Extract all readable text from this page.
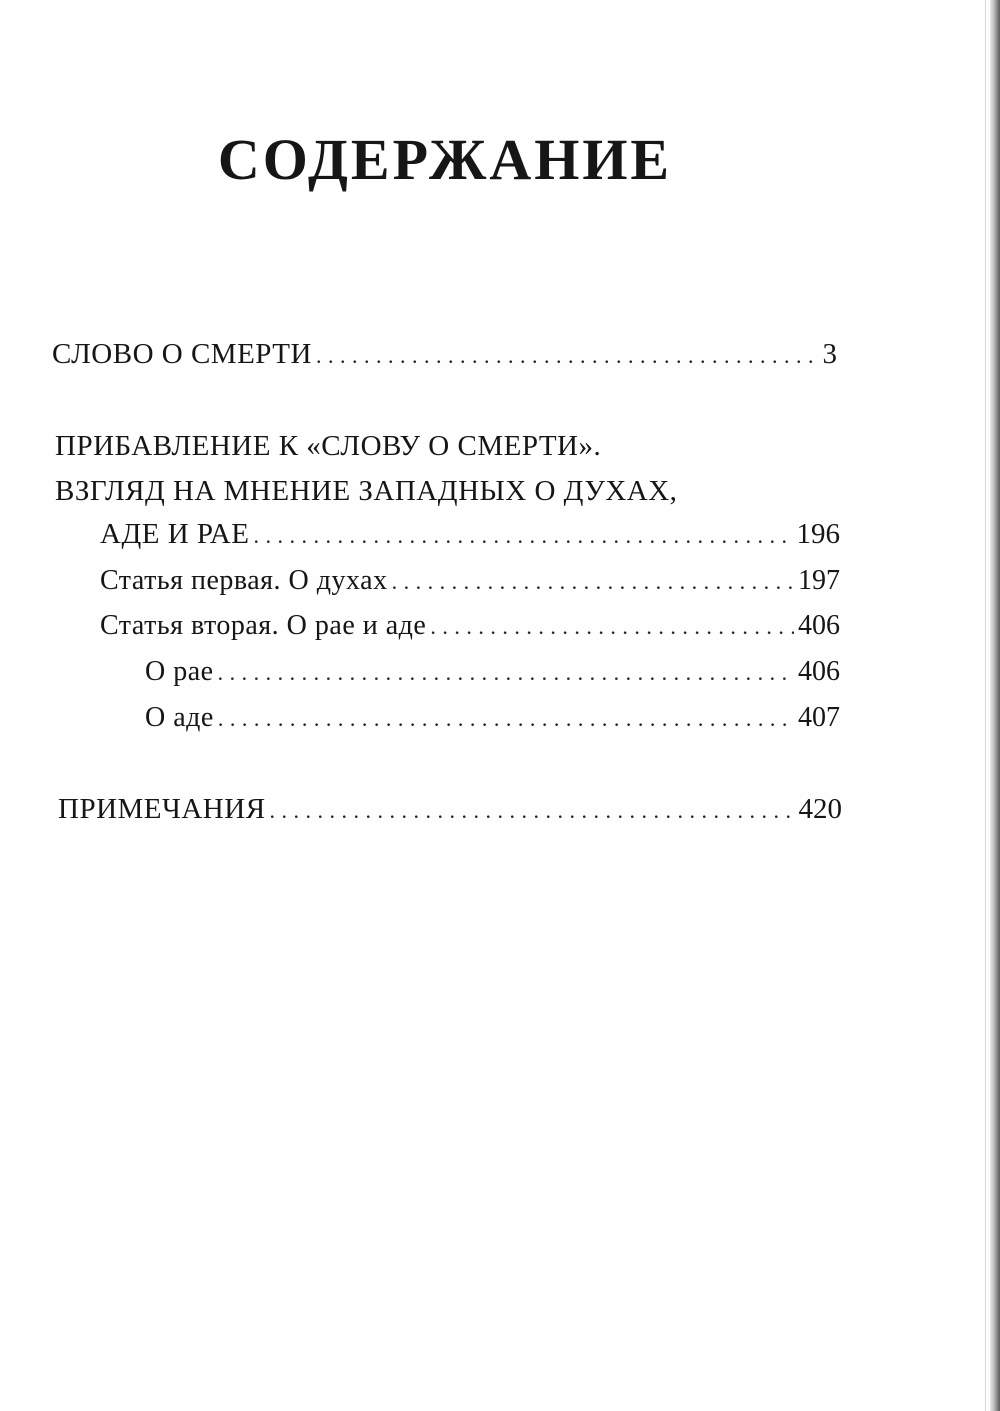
СОДЕРЖАНИЕ
СЛОВО О СМЕРТИ . . .	3
ПРИБАВЛЕНИЕ К «СЛОВУ О СМЕРТИ».
ВЗГЛЯД НА МНЕНИЕ ЗАПАДНЫХ О ДУХАХ,
АДЕ И РАЕ . . .	196
Статья первая. О духах . . .	197
Статья вторая. О рае и аде . . .	406
О рае . . .	406
О аде . . .	407
ПРИМЕЧАНИЯ . . .	420
